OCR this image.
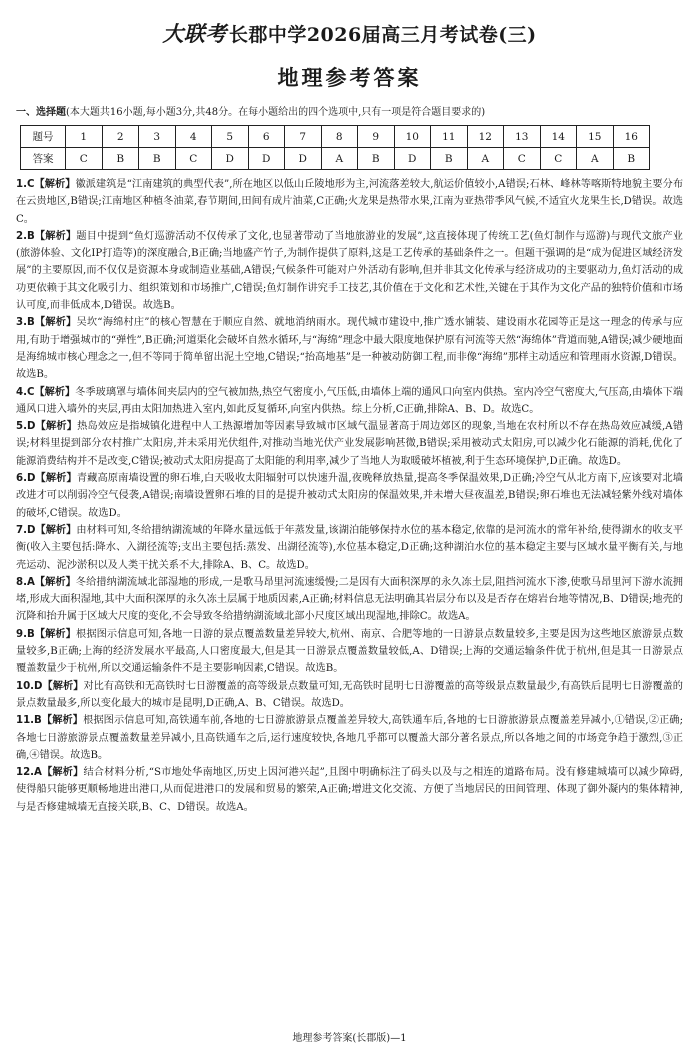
大联考 长郡中学2026届高三月考试卷(三)
地理参考答案
一、选择题(本大题共16小题,每小题3分,共48分。在每小题给出的四个选项中,只有一项是符合题目要求的)
题号	1	2	3	4	5	6	7	8	9	10	11	12	13	14	15	16
答案	C	B	B	C	D	D	D	A	B	D	B	A	C	C	A	B

1.C【解析】徽派建筑是“江南建筑的典型代表”,所在地区以低山丘陵地形为主,河流落差较大,航运价值较小,A错误;石林、峰林等喀斯特地貌主要分布在云贵地区,B错误;江南地区种植冬油菜,春节期间,田间有成片油菜,C正确;火龙果是热带水果,江南为亚热带季风气候,不适宜火龙果生长,D错误。故选C。

2.B【解析】题目中提到“鱼灯巡游活动不仅传承了文化,也显著带动了当地旅游业的发展”,这直接体现了传统工艺(鱼灯制作与巡游)与现代文旅产业(旅游体验、文化IP打造等)的深度融合,B正确;当地盛产竹子,为制作提供了原料,这是工艺传承的基础条件之一。但题干强调的是“成为促进区域经济发展”的主要原因,而不仅仅是资源本身或制造业基础,A错误;气候条件可能对户外活动有影响,但并非其文化传承与经济成功的主要驱动力,鱼灯活动的成功更依赖于其文化吸引力、组织策划和市场推广,C错误;鱼灯制作讲究手工技艺,其价值在于文化和艺术性,关键在于其作为文化产品的独特价值和市场认可度,而非低成本,D错误。故选B。

3.B【解析】吴坎“海绵村庄”的核心智慧在于顺应自然、就地消纳雨水。现代城市建设中,推广透水铺装、建设雨水花园等正是这一理念的传承与应用,有助于增强城市的“弹性”,B正确;河道渠化会破坏自然水循环,与“海绵”理念中最大限度地保护原有河流等天然“海绵体”背道而驰,A错误;减少硬地面是海绵城市核心理念之一,但不等同于简单留出泥土空地,C错误;“抬高地基”是一种被动防御工程,而非像“海绵”那样主动适应和管理雨水资源,D错误。故选B。

4.C【解析】冬季玻璃罩与墙体间夹层内的空气被加热,热空气密度小,气压低,由墙体上端的通风口向室内供热。室内冷空气密度大,气压高,由墙体下端通风口进入墙外的夹层,再由太阳加热进入室内,如此反复循环,向室内供热。综上分析,C正确,排除A、B、D。故选C。

5.D【解析】热岛效应是指城镇化进程中人工热源增加等因素导致城市区域气温显著高于周边郊区的现象,当地在农村所以不存在热岛效应减缓,A错误;材料里提到部分农村推广太阳房,并未采用光伏组件,对推动当地光伏产业发展影响甚微,B错误;采用被动式太阳房,可以减少化石能源的消耗,优化了能源消费结构并不是改变,C错误;被动式太阳房提高了太阳能的利用率,减少了当地人为取暖破坏植被,利于生态环境保护,D正确。故选D。

6.D【解析】青藏高原南墙设置的卵石堆,白天吸收太阳辐射可以快速升温,夜晚释放热量,提高冬季保温效果,D正确;冷空气从北方南下,应该要对北墙改进才可以削弱冷空气侵袭,A错误;南墙设置卵石堆的目的是提升被动式太阳房的保温效果,并未增大昼夜温差,B错误;卵石堆也无法减轻紫外线对墙体的破坏,C错误。故选D。

7.D【解析】由材料可知,冬给措纳湖流域的年降水量远低于年蒸发量,该湖泊能够保持水位的基本稳定,依靠的是河流水的常年补给,使得湖水的收支平衡(收入主要包括:降水、入湖径流等;支出主要包括:蒸发、出湖径流等),水位基本稳定,D正确;这种湖泊水位的基本稳定主要与区域水量平衡有关,与地壳运动、泥沙淤积以及人类干扰关系不大,排除A、B、C。故选D。

8.A【解析】冬给措纳湖流域北部湿地的形成,一是歌马昂里河流速缓慢;二是因有大面积深厚的永久冻土层,阻挡河流水下渗,使歌马昂里河下游水流拥堵,形成大面积湿地,其中大面积深厚的永久冻土层属于地质因素,A正确;材料信息无法明确其岩层分布以及是否存在熔岩台地等情况,B、D错误;地壳的沉降和抬升属于区域大尺度的变化,不会导致冬给措纳湖流域北部小尺度区域出现湿地,排除C。故选A。

9.B【解析】根据图示信息可知,各地一日游的景点覆盖数量差异较大,杭州、南京、合肥等地的一日游景点数量较多,主要是因为这些地区旅游景点数量较多,B正确;上海的经济发展水平最高,人口密度最大,但是其一日游景点覆盖数量较低,A、D错误;上海的交通运输条件优于杭州,但是其一日游景点覆盖数量少于杭州,所以交通运输条件不是主要影响因素,C错误。故选B。

10.D【解析】对比有高铁和无高铁时七日游覆盖的高等级景点数量可知,无高铁时昆明七日游覆盖的高等级景点数量最少,有高铁后昆明七日游覆盖的景点数量最多,所以变化最大的城市是昆明,D正确,A、B、C错误。故选D。

11.B【解析】根据图示信息可知,高铁通车前,各地的七日游旅游景点覆盖差异较大,高铁通车后,各地的七日游旅游景点覆盖差异减小,①错误,②正确;各地七日游旅游景点覆盖数量差异减小,且高铁通车之后,运行速度较快,各地几乎都可以覆盖大部分著名景点,所以各地之间的市场竞争趋于激烈,③正确,④错误。故选B。

12.A【解析】结合材料分析,“S市地处华南地区,历史上因河港兴起”,且图中明确标注了码头以及与之相连的道路布局。没有修建城墙可以减少障碍,使得船只能够更顺畅地进出港口,从而促进港口的发展和贸易的繁荣,A正确;增进文化交流、方便了当地居民的田间管理、体现了御外凝内的集体精神,与是否修建城墙无直接关联,B、C、D错误。故选A。

地理参考答案(长郡版)—1
